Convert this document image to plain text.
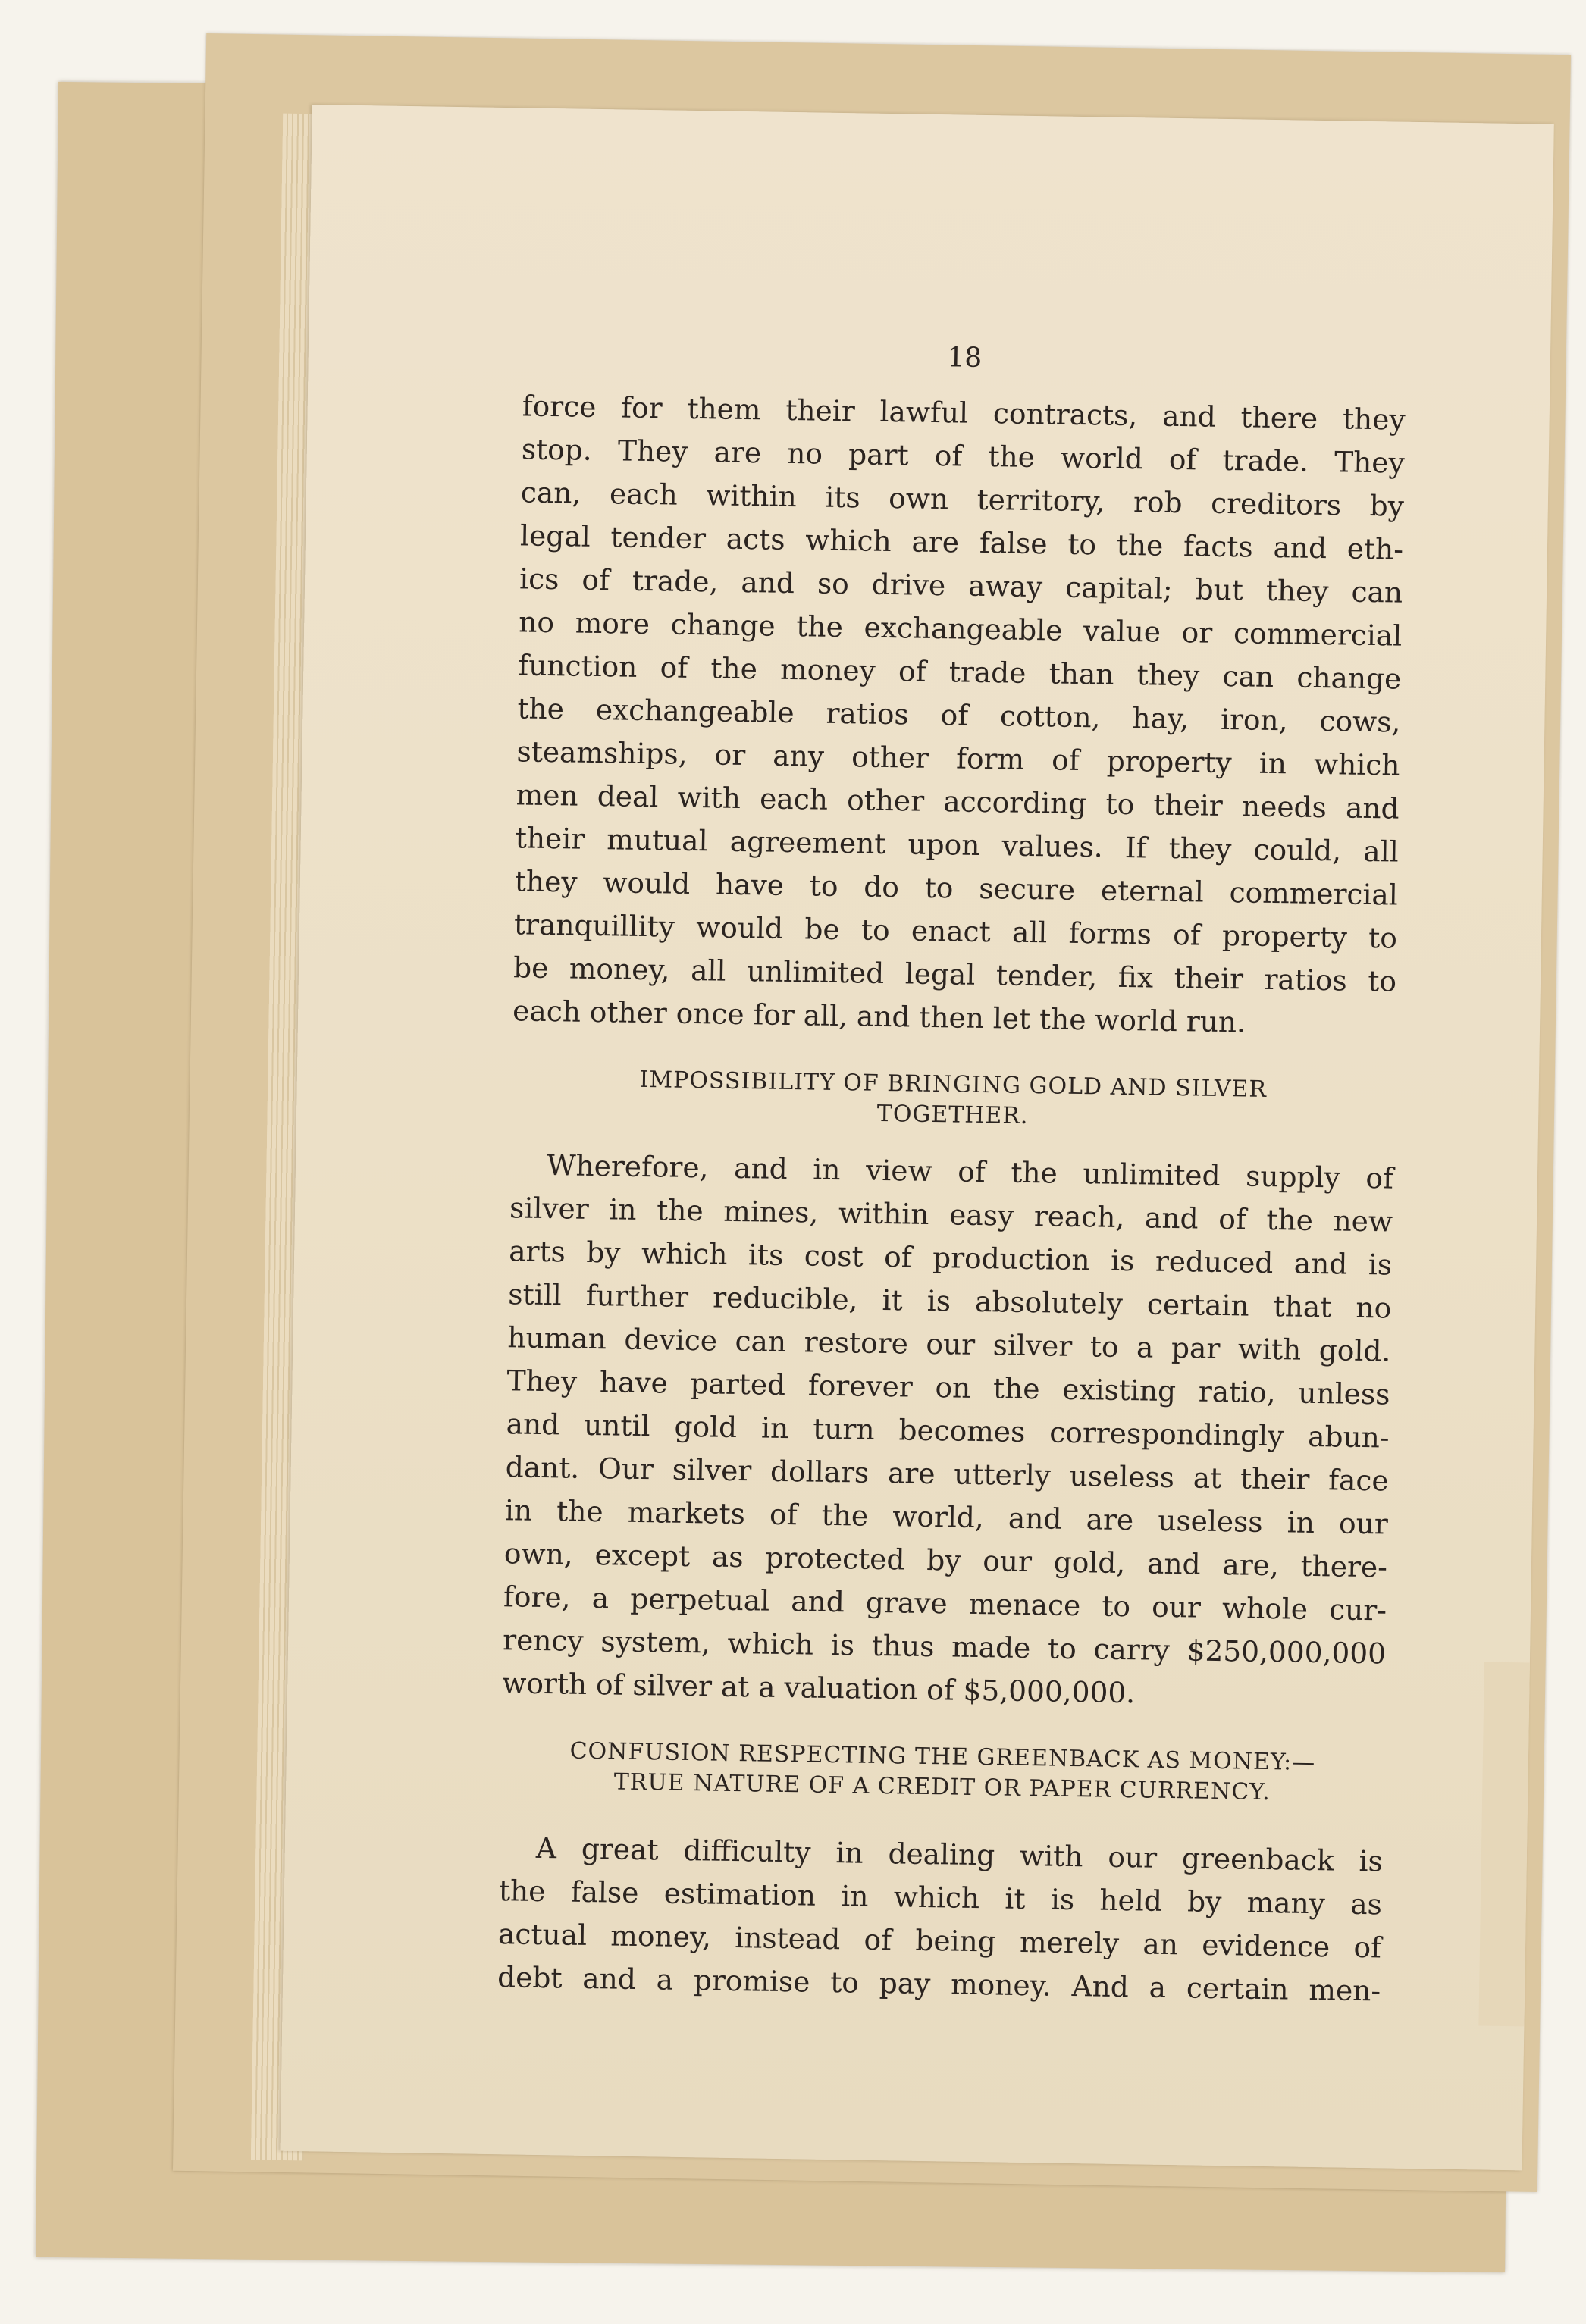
18
force for them their lawful contracts, and there they
stop. They are no part of the world of trade. They
can, each within its own territory, rob creditors by
legal tender acts which are false to the facts and eth-
ics of trade, and so drive away capital; but they can
no more change the exchangeable value or commercial
function of the money of trade than they can change
the exchangeable ratios of cotton, hay, iron, cows,
steamships, or any other form of property in which
men deal with each other according to their needs and
their mutual agreement upon values. If they could, all
they would have to do to secure eternal commercial
tranquillity would be to enact all forms of property to
be money, all unlimited legal tender, fix their ratios to
each other once for all, and then let the world run.
IMPOSSIBILITY OF BRINGING GOLD AND SILVER
TOGETHER.
Wherefore, and in view of the unlimited supply of
silver in the mines, within easy reach, and of the new
arts by which its cost of production is reduced and is
still further reducible, it is absolutely certain that no
human device can restore our silver to a par with gold.
They have parted forever on the existing ratio, unless
and until gold in turn becomes correspondingly abun-
dant. Our silver dollars are utterly useless at their face
in the markets of the world, and are useless in our
own, except as protected by our gold, and are, there-
fore, a perpetual and grave menace to our whole cur-
rency system, which is thus made to carry $250,000,000
worth of silver at a valuation of $5,000,000.
CONFUSION RESPECTING THE GREENBACK AS MONEY:—
TRUE NATURE OF A CREDIT OR PAPER CURRENCY.
A great difficulty in dealing with our greenback is
the false estimation in which it is held by many as
actual money, instead of being merely an evidence of
debt and a promise to pay money. And a certain men-
